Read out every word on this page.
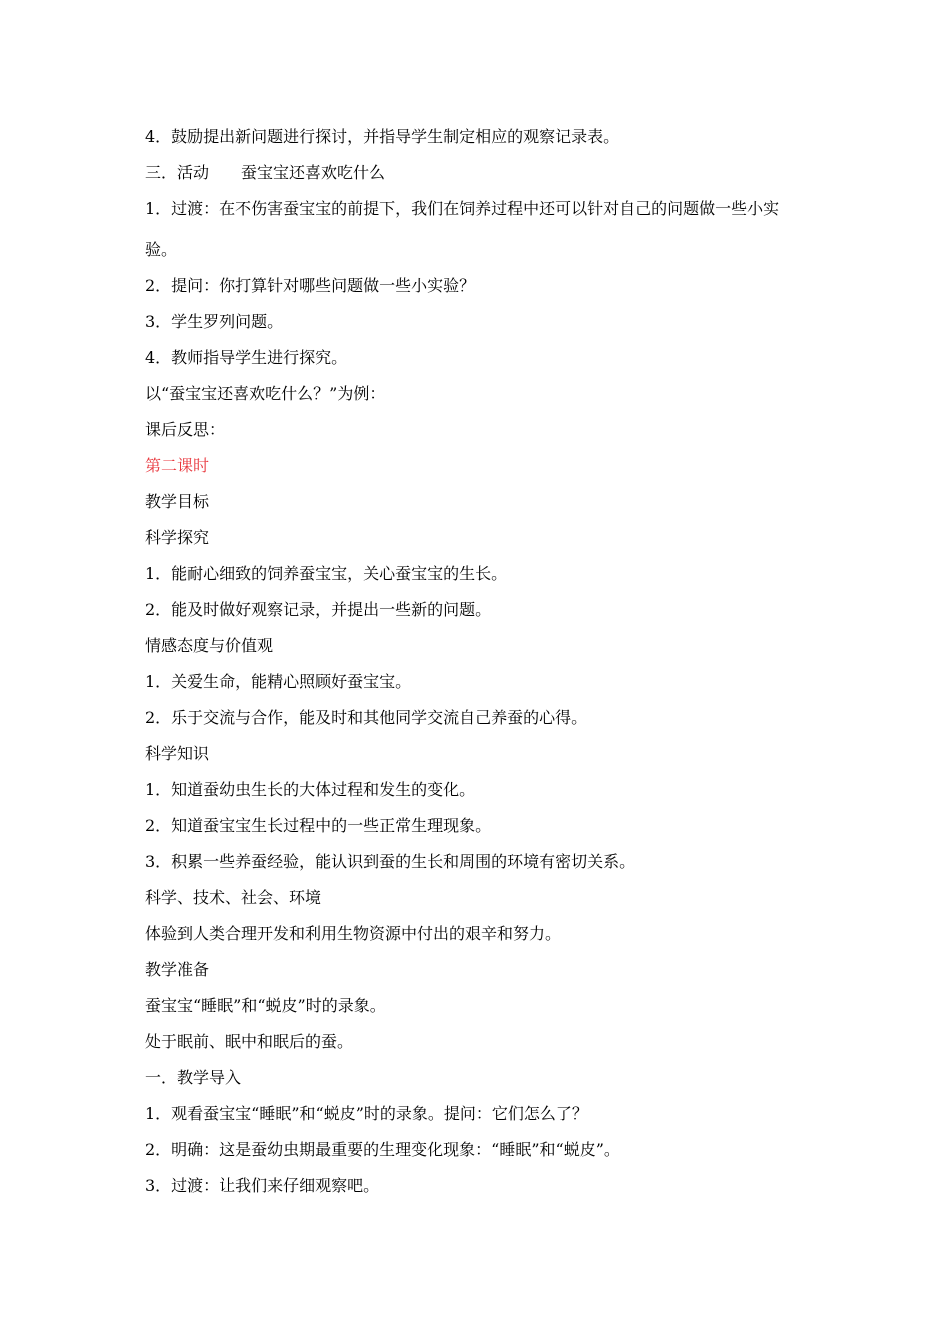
4．鼓励提出新问题进行探讨，并指导学生制定相应的观察记录表。

三．活动　　蚕宝宝还喜欢吃什么

1．过渡：在不伤害蚕宝宝的前提下，我们在饲养过程中还可以针对自己的问题做一些小实

验。

2．提问：你打算针对哪些问题做一些小实验？

3．学生罗列问题。

4．教师指导学生进行探究。

以“蚕宝宝还喜欢吃什么？”为例：

课后反思：

第二课时

教学目标

科学探究

1．能耐心细致的饲养蚕宝宝，关心蚕宝宝的生长。

2．能及时做好观察记录，并提出一些新的问题。

情感态度与价值观

1．关爱生命，能精心照顾好蚕宝宝。

2．乐于交流与合作，能及时和其他同学交流自己养蚕的心得。

科学知识

1．知道蚕幼虫生长的大体过程和发生的变化。

2．知道蚕宝宝生长过程中的一些正常生理现象。

3．积累一些养蚕经验，能认识到蚕的生长和周围的环境有密切关系。

科学、技术、社会、环境

体验到人类合理开发和利用生物资源中付出的艰辛和努力。

教学准备

蚕宝宝“睡眠”和“蜕皮”时的录象。

处于眠前、眠中和眠后的蚕。

一．教学导入

1．观看蚕宝宝“睡眠”和“蜕皮”时的录象。提问：它们怎么了？

2．明确：这是蚕幼虫期最重要的生理变化现象：“睡眠”和“蜕皮”。

3．过渡：让我们来仔细观察吧。
